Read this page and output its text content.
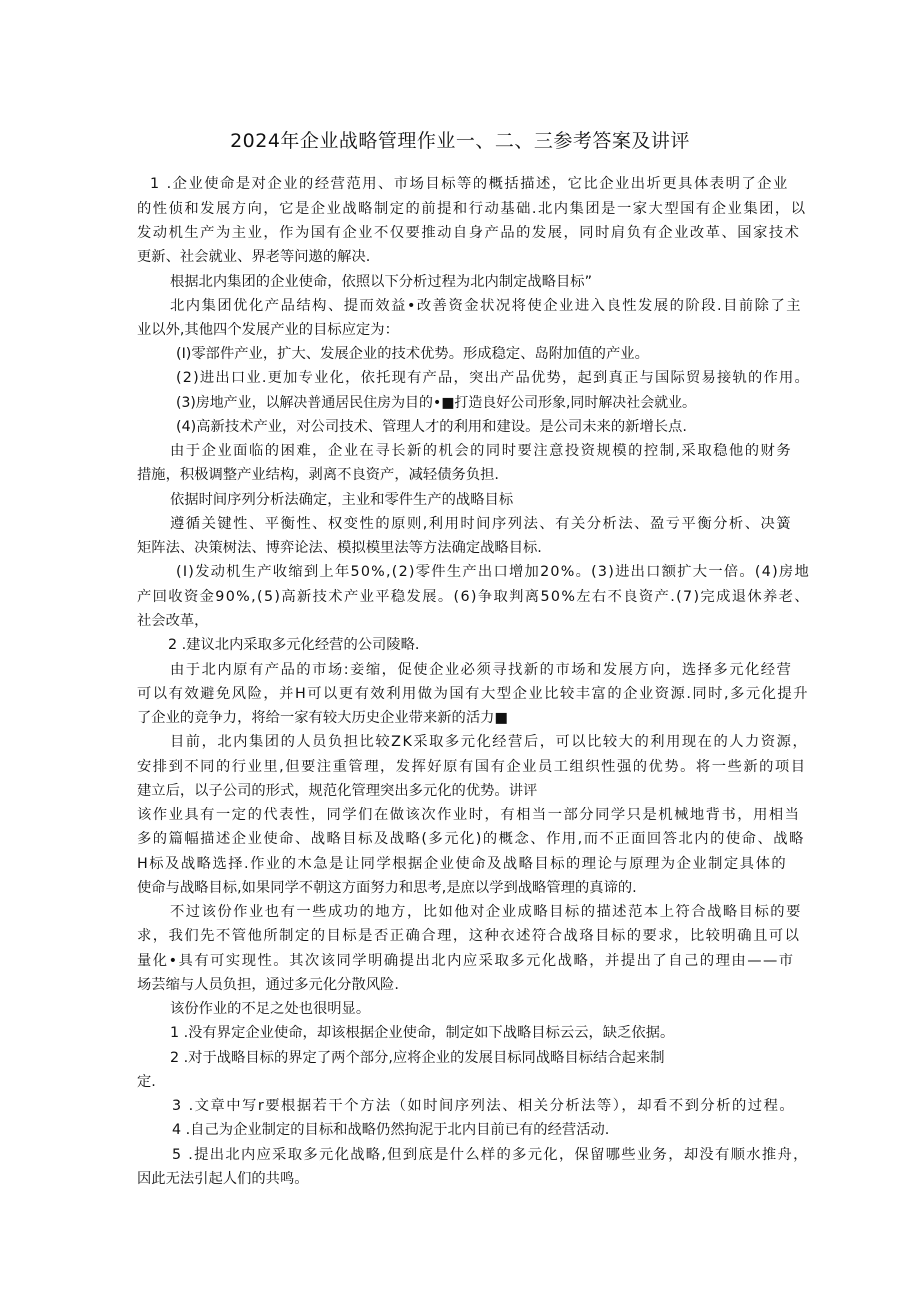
2024年企业战略管理作业一、二、三参考答案及讲评
1 .企业使命是对企业的经营范用、市场目标等的概括描述，它比企业出圻更具体表明了企业
的性侦和发展方向，它是企业战略制定的前提和行动基础.北内集团是一家大型国有企业集团，以
发动机生产为主业，作为国有企业不仅要推动自身产品的发展，同时肩负有企业改革、国家技术
更新、社会就业、界老等问遨的解决.
根据北内集团的企业使命，依照以下分析过程为北内制定战略目标”
北内集团优化产品结构、提而效益•改善资金状况将使企业进入良性发展的阶段.目前除了主
业以外,其他四个发展产业的目标应定为：
(I)零部件产业，扩大、发展企业的技术优势。形成稳定、岛附加值的产业。
(2)进出口业.更加专业化，依托现有产品，突出产品优势，起到真正与国际贸易接轨的作用。
(3)房地产业，以解决普通居民住房为目的•■打造良好公司形象,同时解决社会就业。
(4)高新技术产业，对公司技术、管理人才的利用和建设。是公司未来的新增长点.
由于企业面临的困难，企业在寻长新的机会的同时要注意投资规模的控制,采取稳他的财务
措施，积极调整产业结构，剥离不良资产，减轻债务负担.
依据时间序列分析法确定，主业和零件生产的战略目标
遵循关键性、平衡性、权变性的原则,利用时间序列法、有关分析法、盈亏平衡分析、决簧
矩阵法、决策树法、博弈论法、模拟模里法等方法确定战略目标.
(I)发动机生产收缩到上年50%,(2)零件生产出口增加20%。(3)进出口额扩大一倍。(4)房地
产回收资金90%,(5)高新技术产业平稳发展。(6)争取判离50%左右不良资产.(7)完成退休养老、
社会改革，
2 .建议北内采取多元化经营的公司陵略.
由于北内原有产品的市场:妾缩，促使企业必须寻找新的市场和发展方向，选择多元化经营
可以有效避免风险，并H可以更有效利用做为国有大型企业比较丰富的企业资源.同时,多元化提升
了企业的竞争力，将给一家有较大历史企业带来新的活力■
目前，北内集团的人员负担比较ZK采取多元化经营后，可以比较大的利用现在的人力资源，
安排到不同的行业里,但要注重管理，发挥好原有国有企业员工组织性强的优势。将一些新的项目
建立后，以子公司的形式，规范化管理突出多元化的优势。讲评
该作业具有一定的代表性，同学们在做该次作业时，有相当一部分同学只是机械地背书，用相当
多的篇幅描述企业使命、战略目标及战略(多元化)的概念、作用,而不正面回答北内的使命、战略
H标及战略选择.作业的木急是让同学根据企业使命及战略目标的理论与原理为企业制定具体的
使命与战略目标,如果同学不朝这方面努力和思考,是庶以学到战略管理的真谛的.
不过该份作业也有一些成功的地方，比如他对企业成略目标的描述范本上符合战略目标的要
求，我们先不管他所制定的目标是否正确合理，这种衣述符合战珞目标的要求，比较明确且可以
量化•具有可实现性。其次该同学明确提出北内应采取多元化战略，并提出了自己的理由——市
场芸缩与人员负担，通过多元化分散风险.
该份作业的不足之处也很明显。
1 .没有界定企业使命，却该根据企业使命，制定如下战略目标云云，缺乏依据。
2 .对于战略目标的界定了两个部分,应将企业的发展目标同战略目标结合起来制
定.
3 .文章中写r要根据若干个方法（如时间序列法、相关分析法等），却看不到分析的过程。
4 .自己为企业制定的目标和战略仍然拘泥于北内目前已有的经营活动.
5 .提出北内应采取多元化战略,但到底是什么样的多元化，保留哪些业务，却没有顺水推舟，
因此无法引起人们的共鸣。
